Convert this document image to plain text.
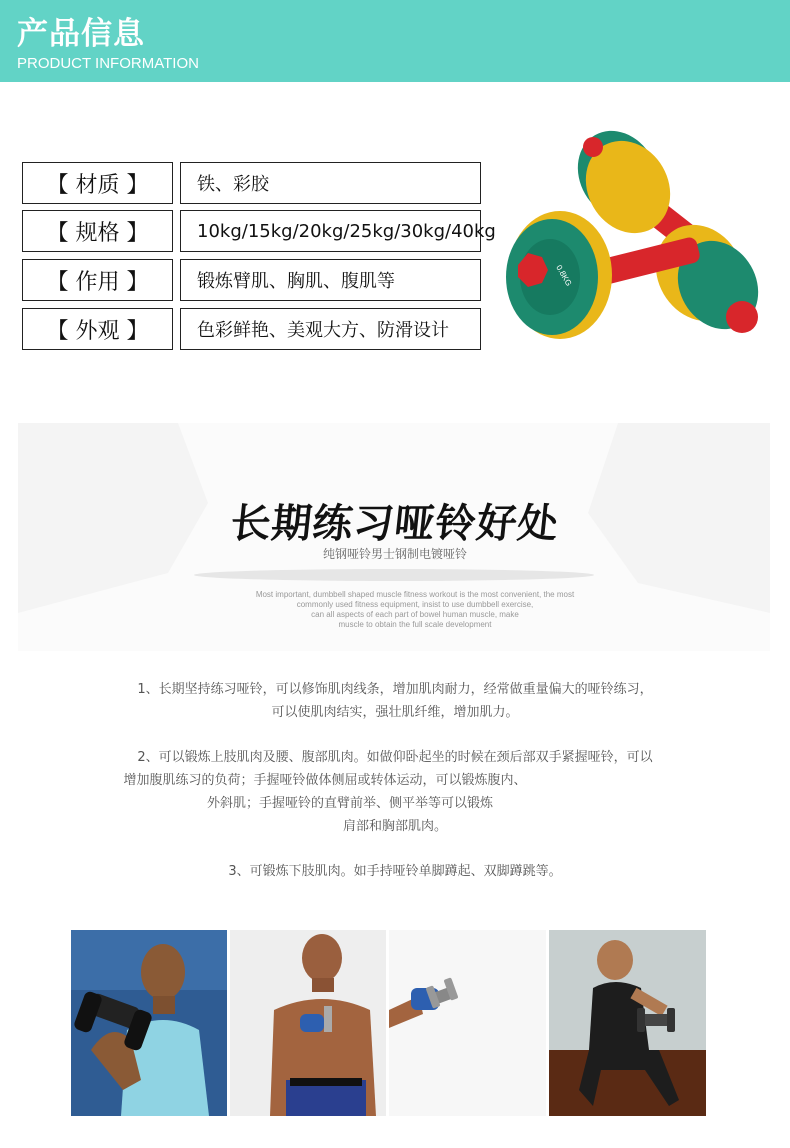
产品信息
PRODUCT INFORMATION
【 材质 】	铁、彩胶
【 规格 】	10kg/15kg/20kg/25kg/30kg/40kg
【 作用 】	锻炼臂肌、胸肌、腹肌等
【 外观 】	色彩鲜艳、美观大方、防滑设计
0.8KG
长期练习哑铃好处
纯钢哑铃男士钢制电镀哑铃
Most important, dumbbell shaped muscle fitness workout is the most convenient, the most
commonly used fitness equipment, insist to use dumbbell exercise,
can all aspects of each part of bowel human muscle, make
muscle to obtain the full scale development
1、长期坚持练习哑铃，可以修饰肌肉线条，增加肌肉耐力，经常做重量偏大的哑铃练习，
可以使肌肉结实，强壮肌纤维，增加肌力。
2、可以锻炼上肢肌肉及腰、腹部肌肉。如做仰卧起坐的时候在颈后部双手紧握哑铃，可以
增加腹肌练习的负荷；手握哑铃做体侧屈或转体运动，可以锻炼腹内、
外斜肌；手握哑铃的直臂前举、侧平举等可以锻炼
肩部和胸部肌肉。
3、可锻炼下肢肌肉。如手持哑铃单脚蹲起、双脚蹲跳等。
